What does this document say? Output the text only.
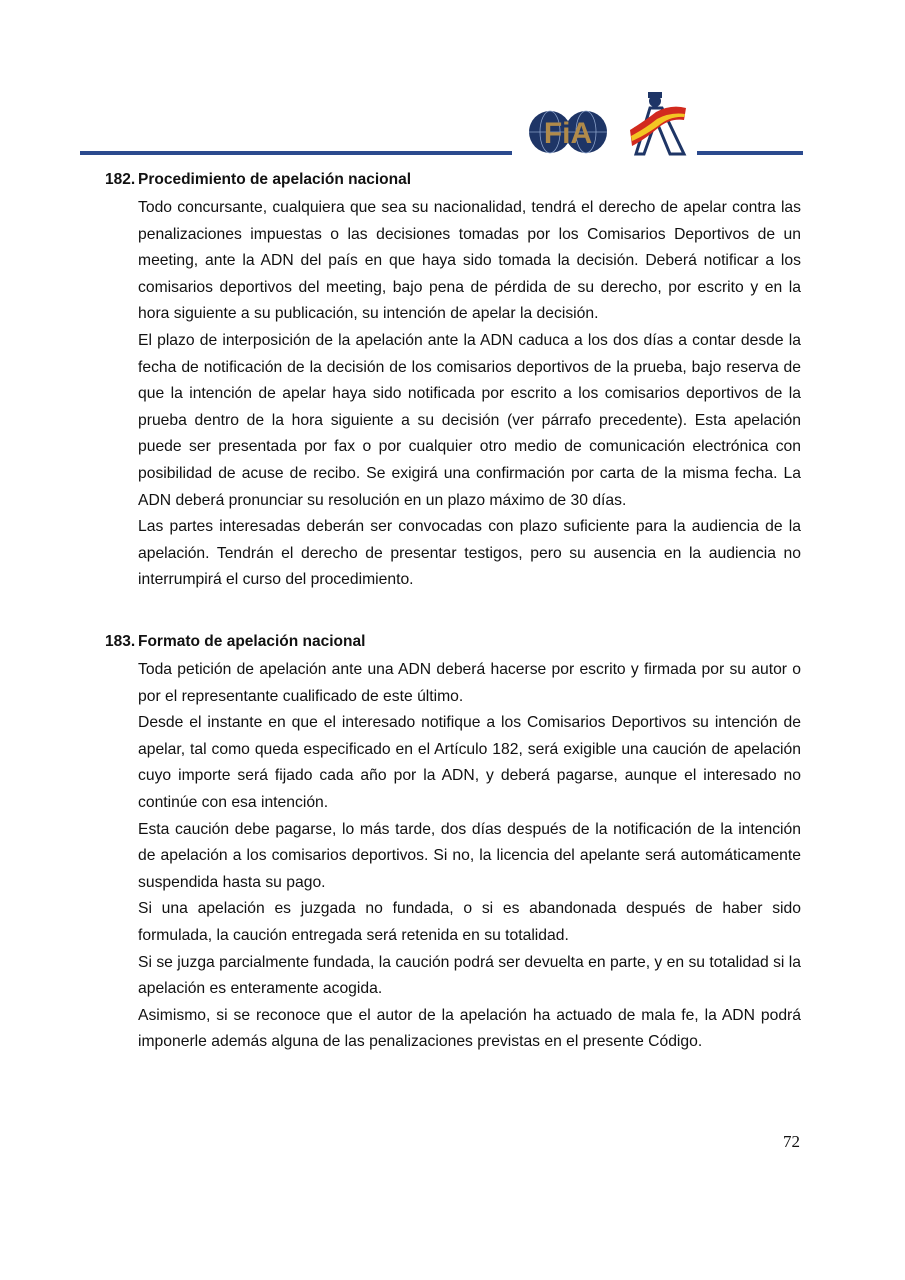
FiA
182. Procedimiento de apelación nacional

Todo concursante, cualquiera que sea su nacionalidad, tendrá el derecho de apelar contra las penalizaciones impuestas o las decisiones tomadas por los Comisarios Deportivos de un meeting, ante la ADN del país en que haya sido tomada la decisión. Deberá notificar a los comisarios deportivos del meeting, bajo pena de pérdida de su derecho, por escrito y en la hora siguiente a su publicación, su intención de apelar la decisión.

El plazo de interposición de la apelación ante la ADN caduca a los dos días a contar desde la fecha de notificación de la decisión de los comisarios deportivos de la prueba, bajo reserva de que la intención de apelar haya sido notificada por escrito a los comisarios deportivos de la prueba dentro de la hora siguiente a su decisión (ver párrafo precedente). Esta apelación puede ser presentada por fax o por cualquier otro medio de comunicación electrónica con posibilidad de acuse de recibo. Se exigirá una confirmación por carta de la misma fecha. La ADN deberá pronunciar su resolución en un plazo máximo de 30 días.

Las partes interesadas deberán ser convocadas con plazo suficiente para la audiencia de la apelación. Tendrán el derecho de presentar testigos, pero su ausencia en la audiencia no interrumpirá el curso del procedimiento.

183. Formato de apelación nacional

Toda petición de apelación ante una ADN deberá hacerse por escrito y firmada por su autor o por el representante cualificado de este último.

Desde el instante en que el interesado notifique a los Comisarios Deportivos su intención de apelar, tal como queda especificado en el Artículo 182, será exigible una caución de apelación cuyo importe será fijado cada año por la ADN, y deberá pagarse, aunque el interesado no continúe con esa intención.

Esta caución debe pagarse, lo más tarde, dos días después de la notificación de la intención de apelación a los comisarios deportivos. Si no, la licencia del apelante será automáticamente suspendida hasta su pago.

Si una apelación es juzgada no fundada, o si es abandonada después de haber sido formulada, la caución entregada será retenida en su totalidad.

Si se juzga parcialmente fundada, la caución podrá ser devuelta en parte, y en su totalidad si la apelación es enteramente acogida.

Asimismo, si se reconoce que el autor de la apelación ha actuado de mala fe, la ADN podrá imponerle además alguna de las penalizaciones previstas en el presente Código.

72
